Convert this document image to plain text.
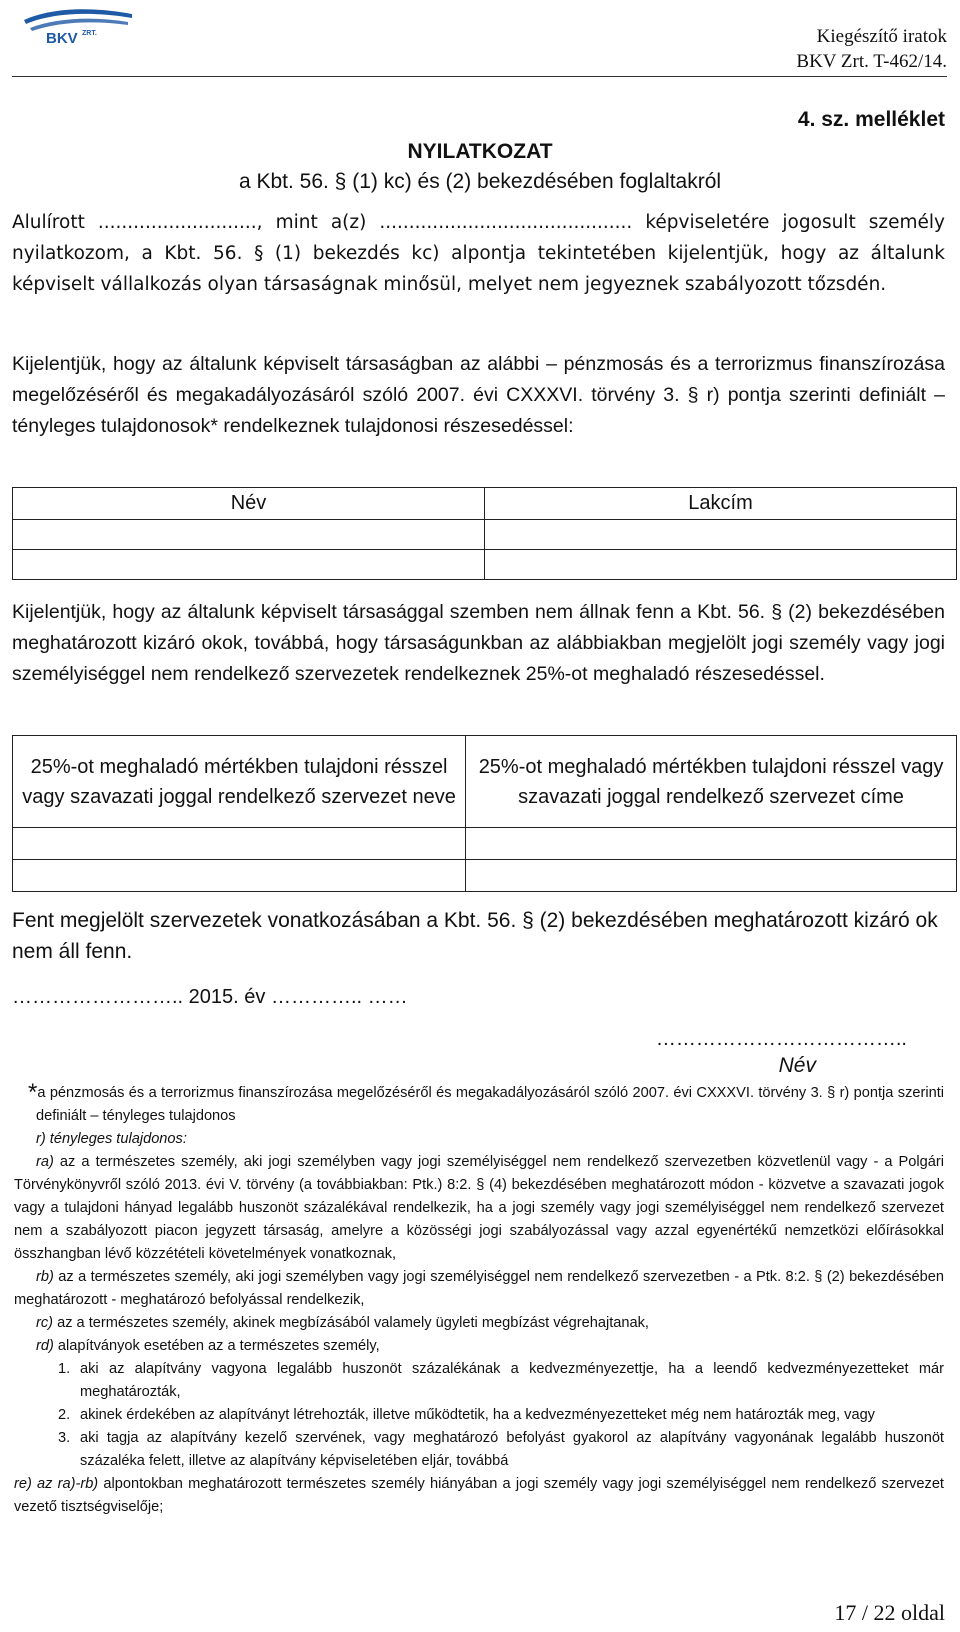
BKV ZRT.	Kiegészítő iratok
BKV Zrt. T-462/14.
4. sz. melléklet
NYILATKOZAT
a Kbt. 56. § (1) kc) és (2) bekezdésében foglaltakról
Alulírott ..........................., mint a(z) ........................................... képviseletére jogosult személy nyilatkozom, a Kbt. 56. § (1) bekezdés kc) alpontja tekintetében kijelentjük, hogy az általunk képviselt vállalkozás olyan társaságnak minősül, melyet nem jegyeznek szabályozott tőzsdén.
Kijelentjük, hogy az általunk képviselt társaságban az alábbi – pénzmosás és a terrorizmus finanszírozása megelőzéséről és megakadályozásáról szóló 2007. évi CXXXVI. törvény 3. § r) pontja szerinti definiált – tényleges tulajdonosok* rendelkeznek tulajdonosi részesedéssel:
Név	Lakcím

Kijelentjük, hogy az általunk képviselt társasággal szemben nem állnak fenn a Kbt. 56. § (2) bekezdésében meghatározott kizáró okok, továbbá, hogy társaságunkban az alábbiakban megjelölt jogi személy vagy jogi személyiséggel nem rendelkező szervezetek rendelkeznek 25%-ot meghaladó részesedéssel.
25%-ot meghaladó mértékben tulajdoni résszel vagy szavazati joggal rendelkező szervezet neve	25%-ot meghaladó mértékben tulajdoni résszel vagy szavazati joggal rendelkező szervezet címe

Fent megjelölt szervezetek vonatkozásában a Kbt. 56. § (2) bekezdésében meghatározott kizáró ok nem áll fenn.
…………………….. 2015. év ………….. ……
………………………………..
Név
*a pénzmosás és a terrorizmus finanszírozása megelőzéséről és megakadályozásáról szóló 2007. évi CXXXVI. törvény 3. § r) pontja szerinti definiált – tényleges tulajdonos
r) tényleges tulajdonos:
ra) az a természetes személy, aki jogi személyben vagy jogi személyiséggel nem rendelkező szervezetben közvetlenül vagy - a Polgári Törvénykönyvről szóló 2013. évi V. törvény (a továbbiakban: Ptk.) 8:2. § (4) bekezdésében meghatározott módon - közvetve a szavazati jogok vagy a tulajdoni hányad legalább huszonöt százalékával rendelkezik, ha a jogi személy vagy jogi személyiséggel nem rendelkező szervezet nem a szabályozott piacon jegyzett társaság, amelyre a közösségi jogi szabályozással vagy azzal egyenértékű nemzetközi előírásokkal összhangban lévő közzétételi követelmények vonatkoznak,
rb) az a természetes személy, aki jogi személyben vagy jogi személyiséggel nem rendelkező szervezetben - a Ptk. 8:2. § (2) bekezdésében meghatározott - meghatározó befolyással rendelkezik,
rc) az a természetes személy, akinek megbízásából valamely ügyleti megbízást végrehajtanak,
rd) alapítványok esetében az a természetes személy,
1. aki az alapítvány vagyona legalább huszonöt százalékának a kedvezményezettje, ha a leendő kedvezményezetteket már meghatározták,
2. akinek érdekében az alapítványt létrehozták, illetve működtetik, ha a kedvezményezetteket még nem határozták meg, vagy
3. aki tagja az alapítvány kezelő szervének, vagy meghatározó befolyást gyakorol az alapítvány vagyonának legalább huszonöt százaléka felett, illetve az alapítvány képviseletében eljár, továbbá
re) az ra)-rb) alpontokban meghatározott természetes személy hiányában a jogi személy vagy jogi személyiséggel nem rendelkező szervezet vezető tisztségviselője;
17 / 22 oldal
